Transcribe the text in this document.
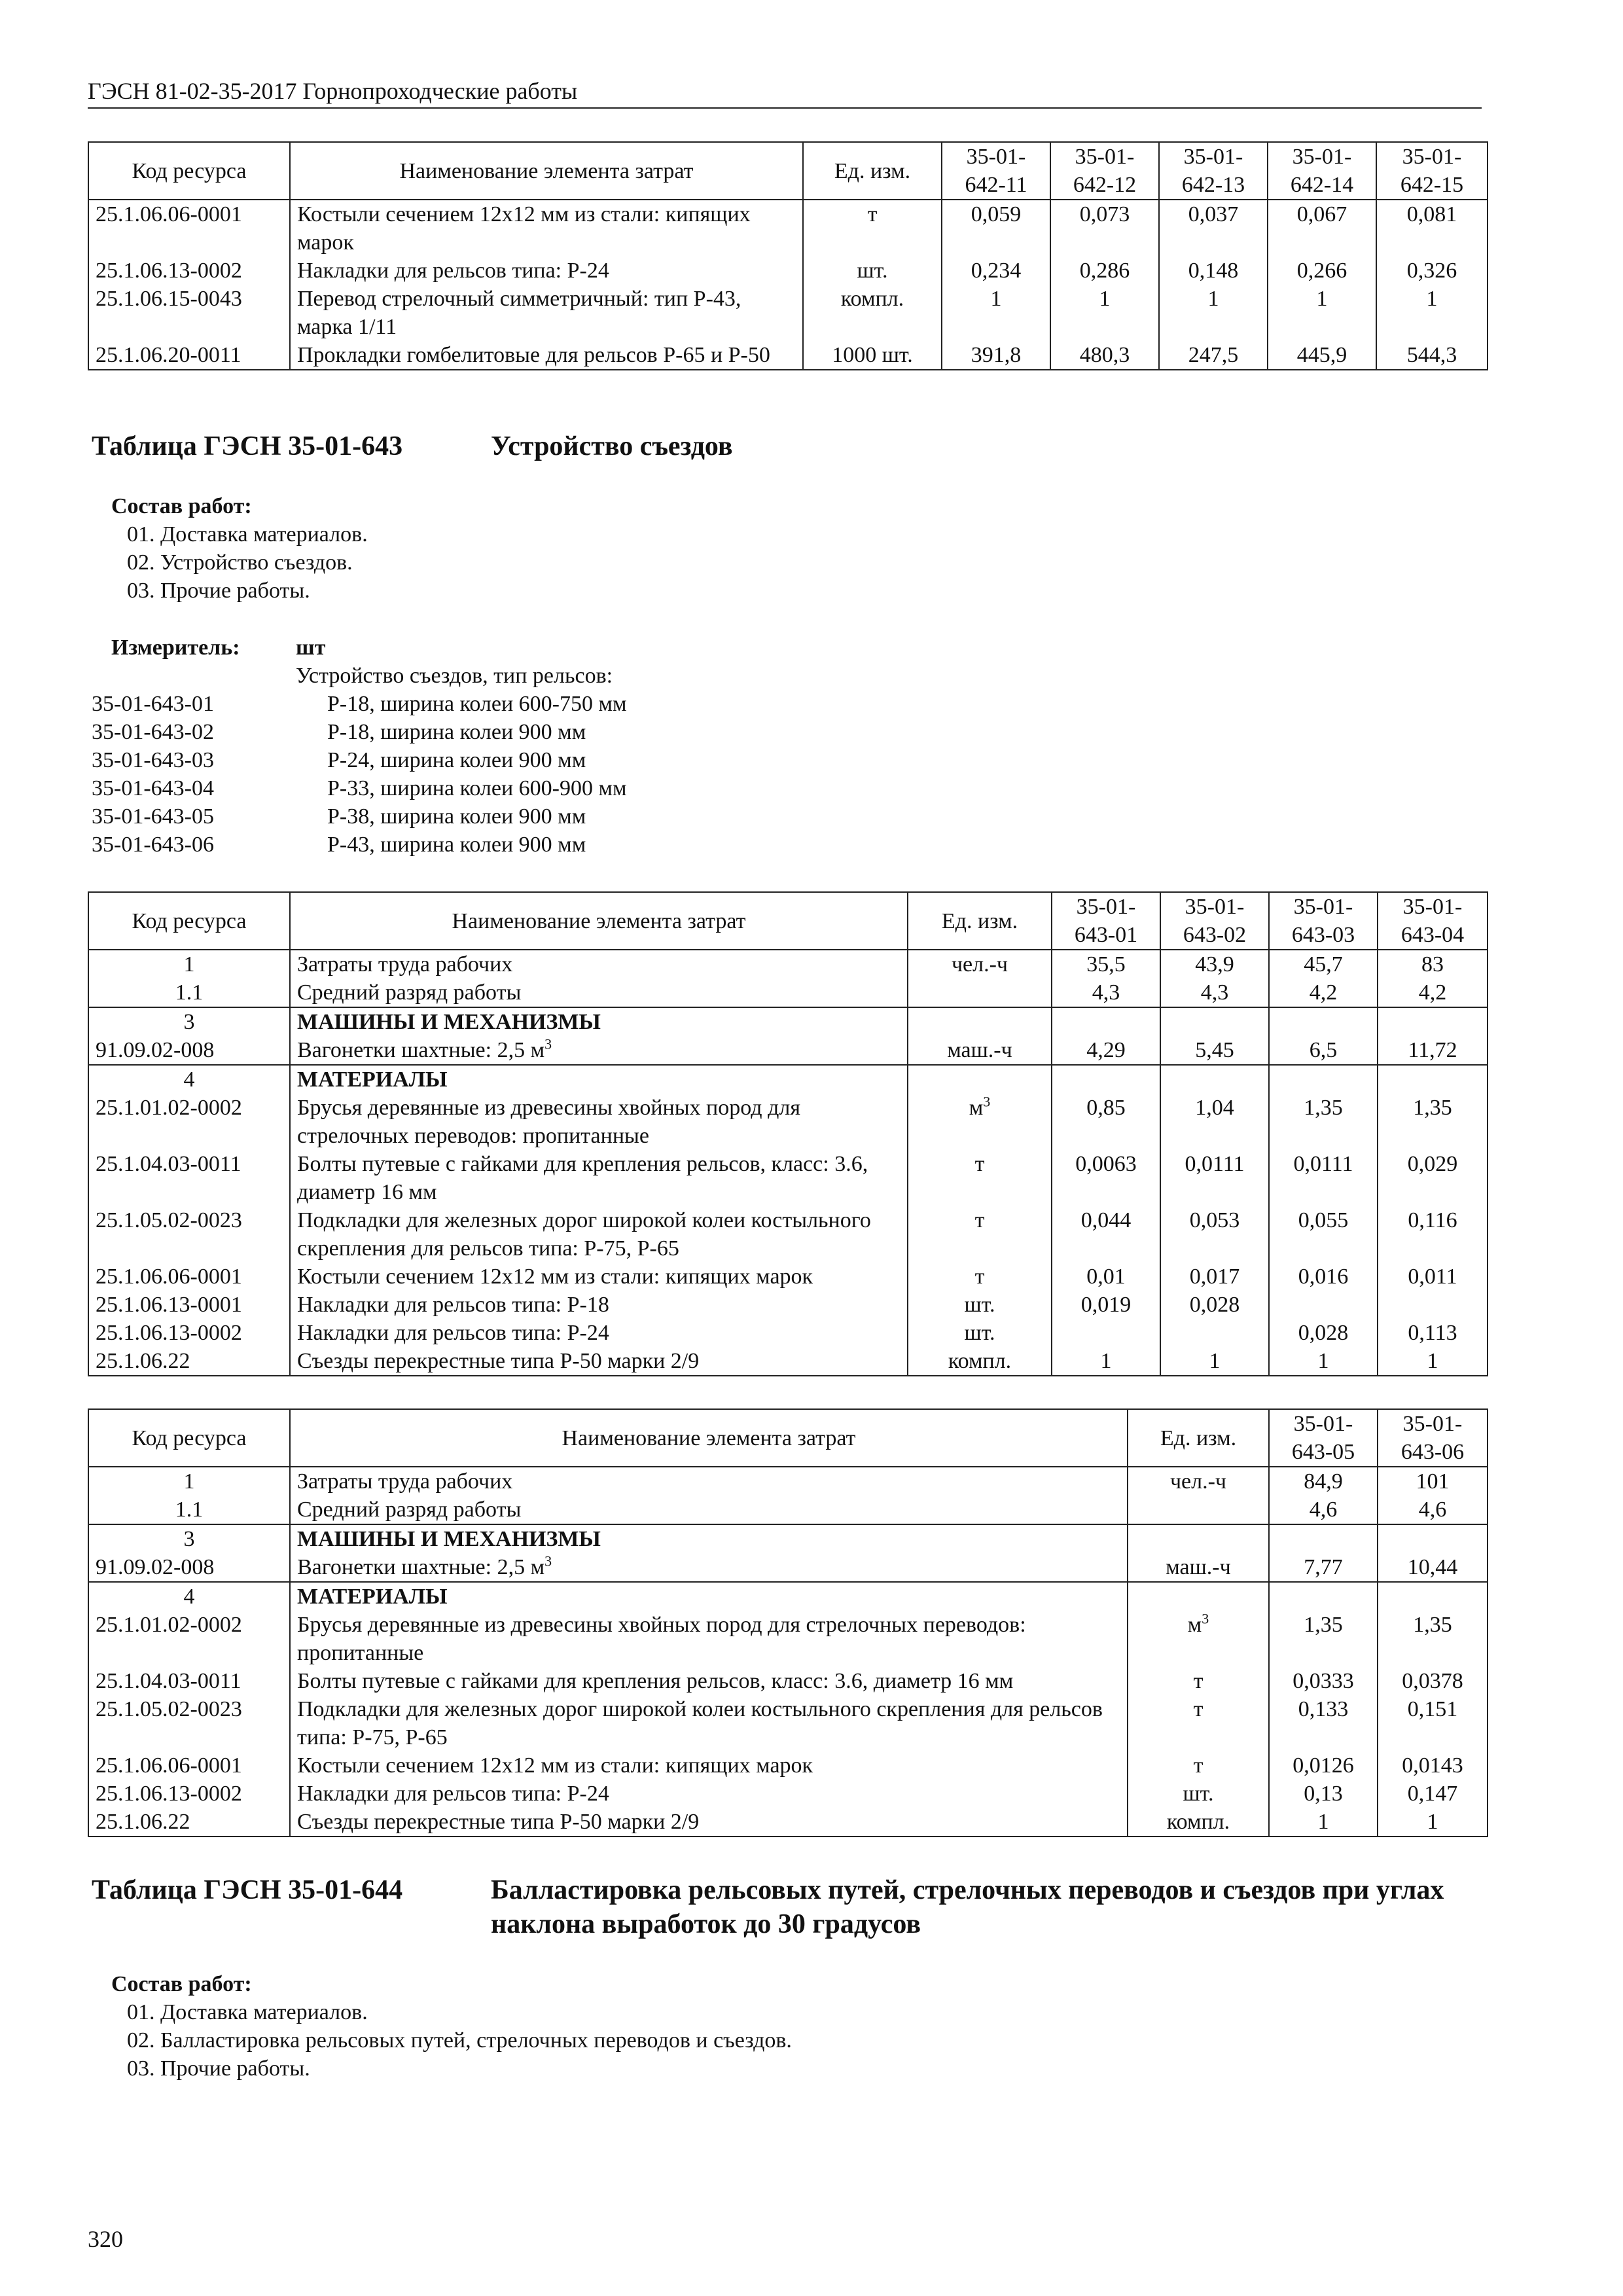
ГЭСН 81-02-35-2017 Горнопроходческие работы
Код ресурса	Наименование элемента затрат	Ед. изм.	35-01-642-11	35-01-642-12	35-01-642-13	35-01-642-14	35-01-642-15
25.1.06.06-0001	Костыли сечением 12х12 мм из стали: кипящих марок	т	0,059	0,073	0,037	0,067	0,081
25.1.06.13-0002	Накладки для рельсов типа: Р-24	шт.	0,234	0,286	0,148	0,266	0,326
25.1.06.15-0043	Перевод стрелочный симметричный: тип Р-43, марка 1/11	компл.	1	1	1	1	1
25.1.06.20-0011	Прокладки гомбелитовые для рельсов Р-65 и Р-50	1000 шт.	391,8	480,3	247,5	445,9	544,3
Таблица ГЭСН 35-01-643	Устройство съездов
Состав работ:
01. Доставка материалов.
02. Устройство съездов.
03. Прочие работы.
Измеритель:	шт
Устройство съездов, тип рельсов:
35-01-643-01	Р-18, ширина колеи 600-750 мм
35-01-643-02	Р-18, ширина колеи 900 мм
35-01-643-03	Р-24, ширина колеи 900 мм
35-01-643-04	Р-33, ширина колеи 600-900 мм
35-01-643-05	Р-38, ширина колеи 900 мм
35-01-643-06	Р-43, ширина колеи 900 мм
Код ресурса	Наименование элемента затрат	Ед. изм.	35-01-643-01	35-01-643-02	35-01-643-03	35-01-643-04
1	Затраты труда рабочих	чел.-ч	35,5	43,9	45,7	83
1.1	Средний разряд работы		4,3	4,3	4,2	4,2
3	МАШИНЫ И МЕХАНИЗМЫ					
91.09.02-008	Вагонетки шахтные: 2,5 $м^3$	маш.-ч	4,29	5,45	6,5	11,72
4	МАТЕРИАЛЫ					
25.1.01.02-0002	Брусья деревянные из древесины хвойных пород для стрелочных переводов: пропитанные	$м^3$	0,85	1,04	1,35	1,35
25.1.04.03-0011	Болты путевые с гайками для крепления рельсов, класс: 3.6, диаметр 16 мм	т	0,0063	0,0111	0,0111	0,029
25.1.05.02-0023	Подкладки для железных дорог широкой колеи костыльного скрепления для рельсов типа: Р-75, Р-65	т	0,044	0,053	0,055	0,116
25.1.06.06-0001	Костыли сечением 12х12 мм из стали: кипящих марок	т	0,01	0,017	0,016	0,011
25.1.06.13-0001	Накладки для рельсов типа: Р-18	шт.	0,019	0,028		
25.1.06.13-0002	Накладки для рельсов типа: Р-24	шт.			0,028	0,113
25.1.06.22	Съезды перекрестные типа Р-50 марки 2/9	компл.	1	1	1	1
Код ресурса	Наименование элемента затрат	Ед. изм.	35-01-643-05	35-01-643-06
1	Затраты труда рабочих	чел.-ч	84,9	101
1.1	Средний разряд работы		4,6	4,6
3	МАШИНЫ И МЕХАНИЗМЫ			
91.09.02-008	Вагонетки шахтные: 2,5 $м^3$	маш.-ч	7,77	10,44
4	МАТЕРИАЛЫ			
25.1.01.02-0002	Брусья деревянные из древесины хвойных пород для стрелочных переводов: пропитанные	$м^3$	1,35	1,35
25.1.04.03-0011	Болты путевые с гайками для крепления рельсов, класс: 3.6, диаметр 16 мм	т	0,0333	0,0378
25.1.05.02-0023	Подкладки для железных дорог широкой колеи костыльного скрепления для рельсов типа: Р-75, Р-65	т	0,133	0,151
25.1.06.06-0001	Костыли сечением 12х12 мм из стали: кипящих марок	т	0,0126	0,0143
25.1.06.13-0002	Накладки для рельсов типа: Р-24	шт.	0,13	0,147
25.1.06.22	Съезды перекрестные типа Р-50 марки 2/9	компл.	1	1
Таблица ГЭСН 35-01-644	Балластировка рельсовых путей, стрелочных переводов и съездов при углах наклона выработок до 30 градусов
Состав работ:
01. Доставка материалов.
02. Балластировка рельсовых путей, стрелочных переводов и съездов.
03. Прочие работы.
320
